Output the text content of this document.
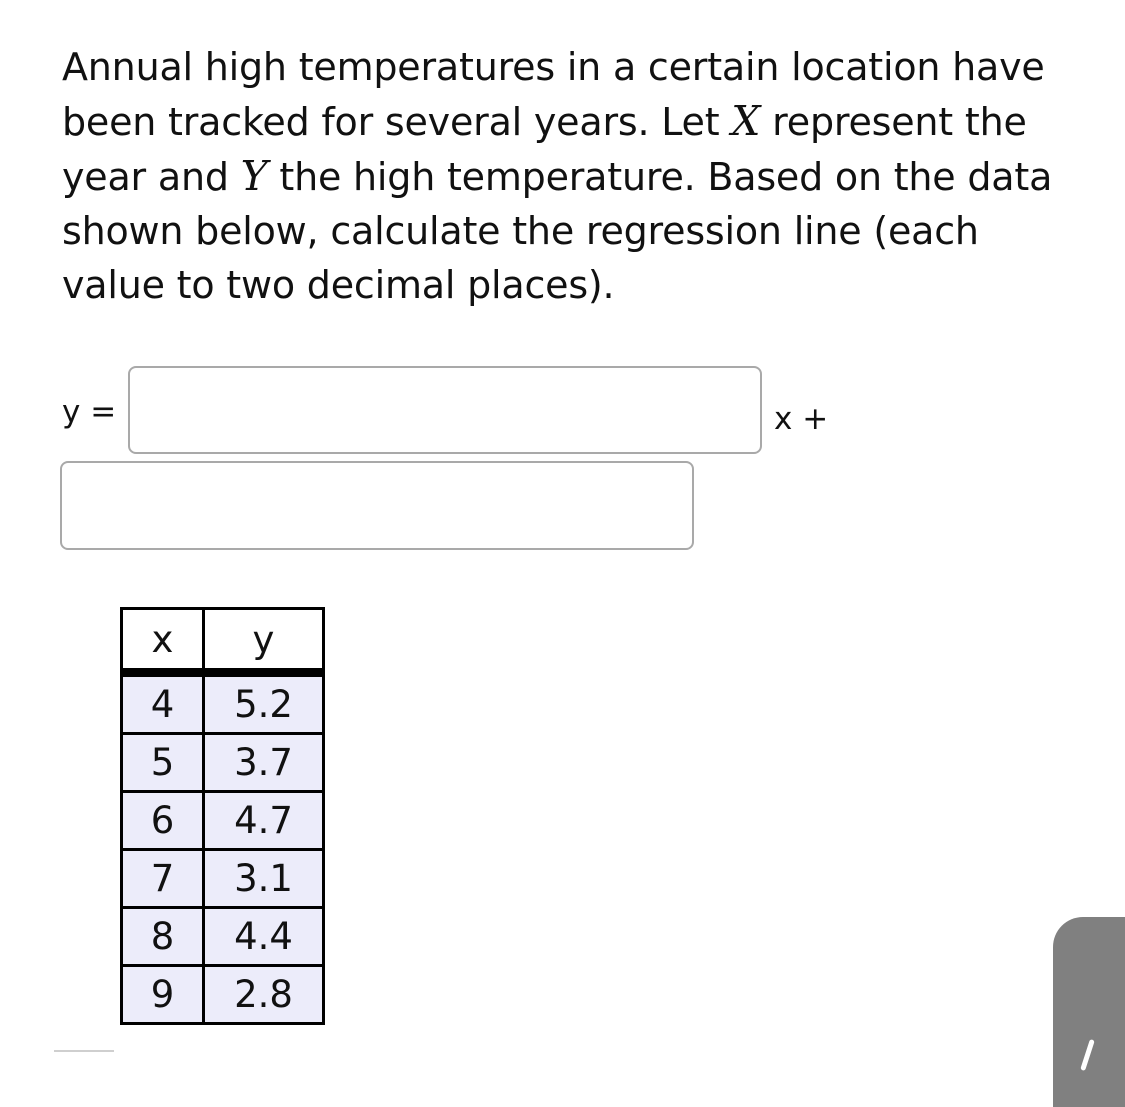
Annual high temperatures in a certain location have been tracked for several years. Let X represent the year and Y the high temperature. Based on the data shown below, calculate the regression line (each value to two decimal places).
y =	x +
x	y
4	5.2
5	3.7
6	4.7
7	3.1
8	4.4
9	2.8
